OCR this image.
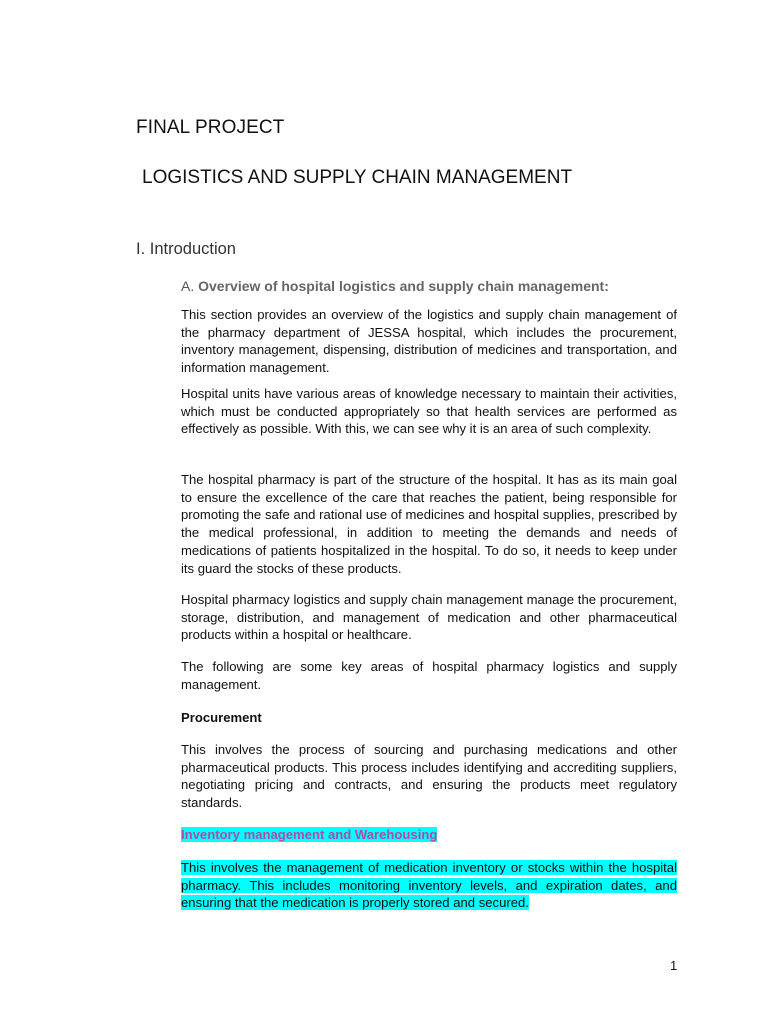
FINAL PROJECT
LOGISTICS AND SUPPLY CHAIN MANAGEMENT
I. Introduction
A. Overview of hospital logistics and supply chain management:

This section provides an overview of the logistics and supply chain management of the pharmacy department of JESSA hospital, which includes the procurement, inventory management, dispensing, distribution of medicines and transportation, and information management.

Hospital units have various areas of knowledge necessary to maintain their activities, which must be conducted appropriately so that health services are performed as effectively as possible. With this, we can see why it is an area of such complexity.

The hospital pharmacy is part of the structure of the hospital. It has as its main goal to ensure the excellence of the care that reaches the patient, being responsible for promoting the safe and rational use of medicines and hospital supplies, prescribed by the medical professional, in addition to meeting the demands and needs of medications of patients hospitalized in the hospital. To do so, it needs to keep under its guard the stocks of these products.

Hospital pharmacy logistics and supply chain management manage the procurement, storage, distribution, and management of medication and other pharmaceutical products within a hospital or healthcare.

The following are some key areas of hospital pharmacy logistics and supply management.

Procurement

This involves the process of sourcing and purchasing medications and other pharmaceutical products. This process includes identifying and accrediting suppliers, negotiating pricing and contracts, and ensuring the products meet regulatory standards.

Inventory management and Warehousing

This involves the management of medication inventory or stocks within the hospital pharmacy. This includes monitoring inventory levels, and expiration dates, and ensuring that the medication is properly stored and secured.

1
